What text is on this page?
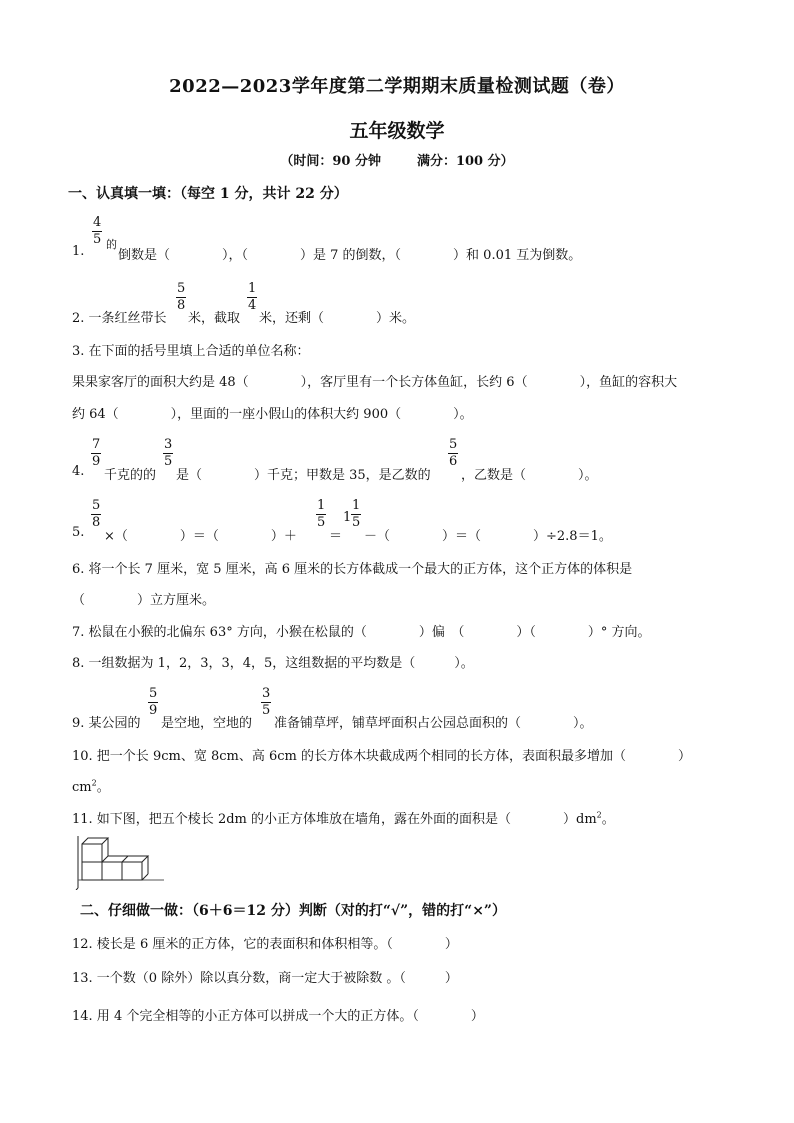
2022—2023学年度第二学期期末质量检测试题（卷）
五年级数学
（时间：90 分钟	满分：100 分）
一、认真填一填：（每空 1 分，共计 22 分）
1.
$\frac{4}{5}$ 的
倒数是（　　　　），（　　　　）是 7 的倒数，（　　　　）和 0.01 互为倒数。
2. 一条红丝带长
$\frac{5}{8}$
米，截取
$\frac{1}{4}$
米，还剩（　　　　）米。
3. 在下面的括号里填上合适的单位名称：
果果家客厅的面积大约是 48（　　　　），客厅里有一个长方体鱼缸，长约 6（　　　　），鱼缸的容积大
约 64（　　　　），里面的一座小假山的体积大约 900（　　　　）。
4.
$\frac{7}{9}$
千克的的
$\frac{3}{5}$
是（　　　　）千克；甲数是 35，是乙数的
$\frac{5}{6}$
，乙数是（　　　　）。
5.
$\frac{5}{8}$
×（　　　　）＝（　　　　）＋
$\frac{1}{5}$
＝
$1 \frac{1}{5}$
－（　　　　）＝（　　　　）÷2.8＝1。
6. 将一个长 7 厘米，宽 5 厘米，高 6 厘米的长方体截成一个最大的正方体，这个正方体的体积是
（　　　　）立方厘米。
7. 松鼠在小猴的北偏东 63° 方向，小猴在松鼠的（　　　　）偏　（　　　　）（　　　　）° 方向。
8. 一组数据为 1，2，3，3，4，5，这组数据的平均数是（　　　）。
9. 某公园的
$\frac{5}{9}$
是空地，空地的
$\frac{3}{5}$
准备铺草坪，铺草坪面积占公园总面积的（　　　　）。
10. 把一个长 9cm、宽 8cm、高 6cm 的长方体木块截成两个相同的长方体，表面积最多增加（　　　　）
$cm^2$。
11. 如下图，把五个棱长 2dm 的小正方体堆放在墙角，露在外面的面积是（　　　　）$dm^2$。
二、仔细做一做：（6＋6＝12 分）判断（对的打“√”，错的打“×”）
12. 棱长是 6 厘米的正方体，它的表面积和体积相等。（　　　　）
13. 一个数（0 除外）除以真分数，商一定大于被除数 。（　　　）
14. 用 4 个完全相等的小正方体可以拼成一个大的正方体。（　　　　）
